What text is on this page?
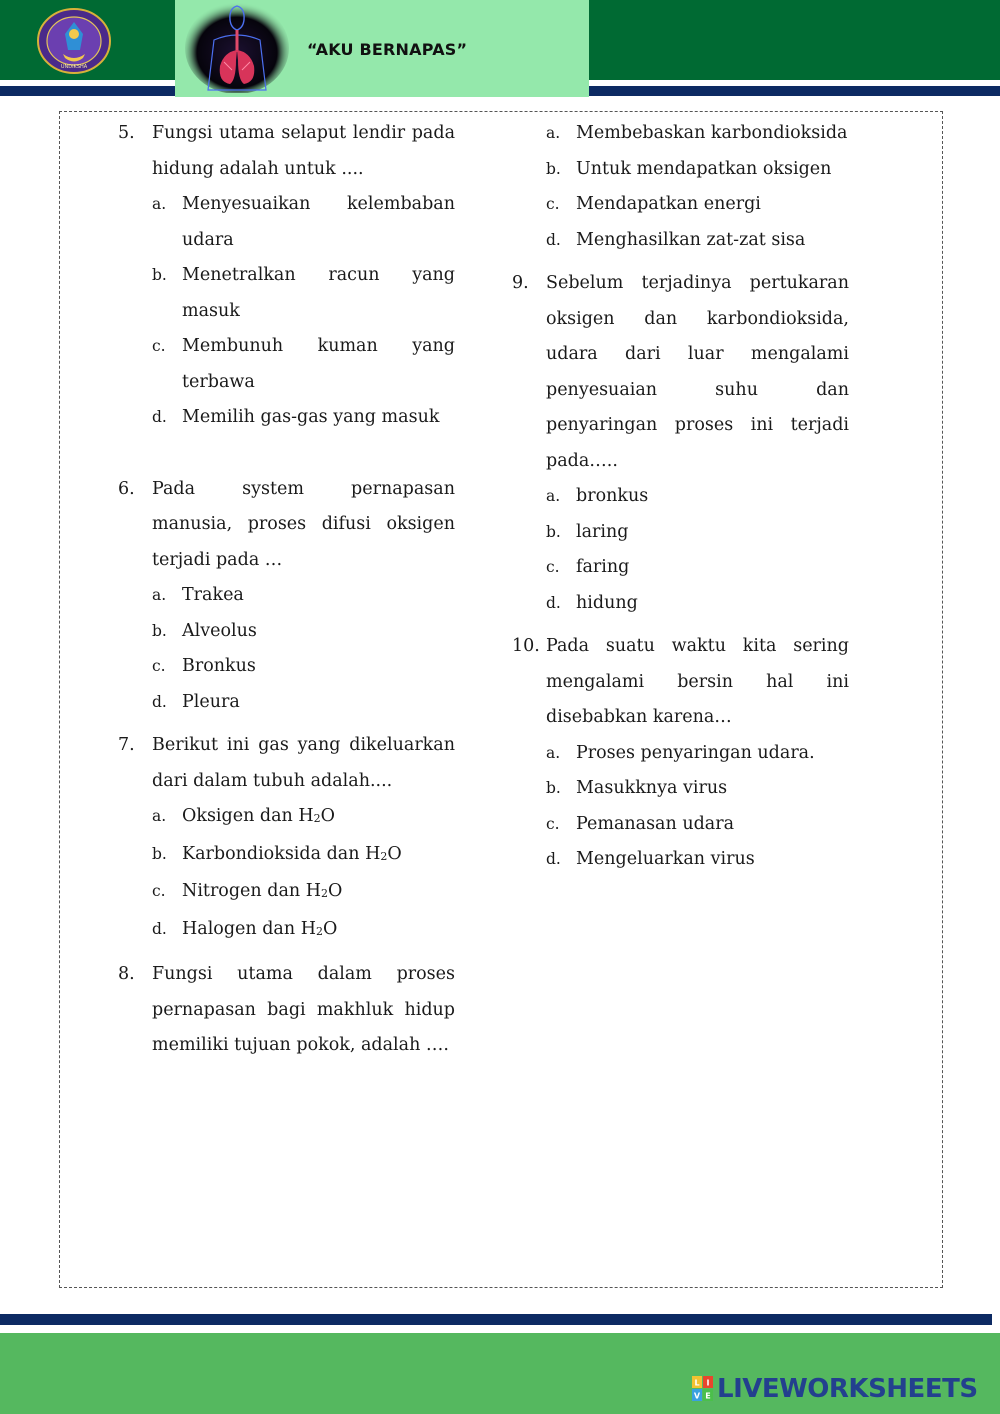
UNDIKSHA
“AKU BERNAPAS”
5. Fungsi utama selaput lendir pada hidung adalah untuk ....
a. Menyesuaikan kelembaban udara
b. Menetralkan racun yang masuk
c. Membunuh kuman yang terbawa
d. Memilih gas-gas yang masuk
6. Pada system pernapasan manusia, proses difusi oksigen terjadi pada …
a. Trakea
b. Alveolus
c. Bronkus
d. Pleura
7. Berikut ini gas yang dikeluarkan dari dalam tubuh adalah....
a. Oksigen dan $H_2O$
b. Karbondioksida dan $H_2O$
c. Nitrogen dan $H_2O$
d. Halogen dan $H_2O$
8. Fungsi utama dalam proses pernapasan bagi makhluk hidup memiliki tujuan pokok, adalah ….
a. Membebaskan karbondioksida
b. Untuk mendapatkan oksigen
c. Mendapatkan energi
d. Menghasilkan zat-zat sisa
9. Sebelum terjadinya pertukaran oksigen dan karbondioksida, udara dari luar mengalami penyesuaian suhu dan penyaringan proses ini terjadi pada…..
a. bronkus
b. laring
c. faring
d. hidung
10. Pada suatu waktu kita sering mengalami bersin hal ini disebabkan karena…
a. Proses penyaringan udara.
b. Masukknya virus
c. Pemanasan udara
d. Mengeluarkan virus
L I
V E LIVEWORKSHEETS
